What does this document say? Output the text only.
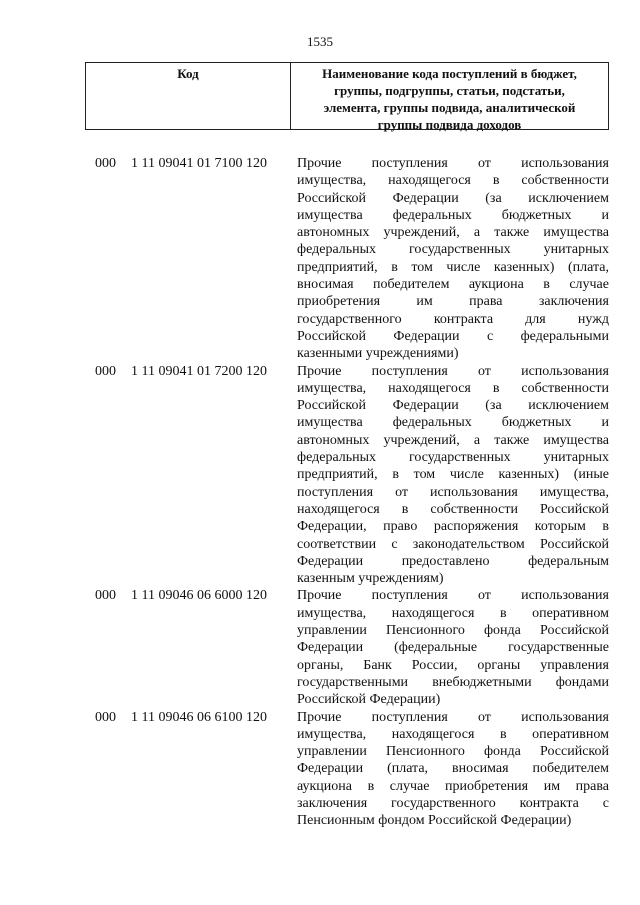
1535
Код	Наименование кода поступлений в бюджет,
группы, подгруппы, статьи, подстатьи,
элемента, группы подвида, аналитической
группы подвида доходов
000	1 11 09041 01 7100 120	Прочие поступления от использования
имущества, находящегося в собственности
Российской Федерации (за исключением
имущества федеральных бюджетных и
автономных учреждений, а также имущества
федеральных государственных унитарных
предприятий, в том числе казенных) (плата,
вносимая победителем аукциона в случае
приобретения им права заключения
государственного контракта для нужд
Российской Федерации с федеральными
казенными учреждениями)
000	1 11 09041 01 7200 120	Прочие поступления от использования
имущества, находящегося в собственности
Российской Федерации (за исключением
имущества федеральных бюджетных и
автономных учреждений, а также имущества
федеральных государственных унитарных
предприятий, в том числе казенных) (иные
поступления от использования имущества,
находящегося в собственности Российской
Федерации, право распоряжения которым в
соответствии с законодательством Российской
Федерации предоставлено федеральным
казенным учреждениям)
000	1 11 09046 06 6000 120	Прочие поступления от использования
имущества, находящегося в оперативном
управлении Пенсионного фонда Российской
Федерации (федеральные государственные
органы, Банк России, органы управления
государственными внебюджетными фондами
Российской Федерации)
000	1 11 09046 06 6100 120	Прочие поступления от использования
имущества, находящегося в оперативном
управлении Пенсионного фонда Российской
Федерации (плата, вносимая победителем
аукциона в случае приобретения им права
заключения государственного контракта с
Пенсионным фондом Российской Федерации)
